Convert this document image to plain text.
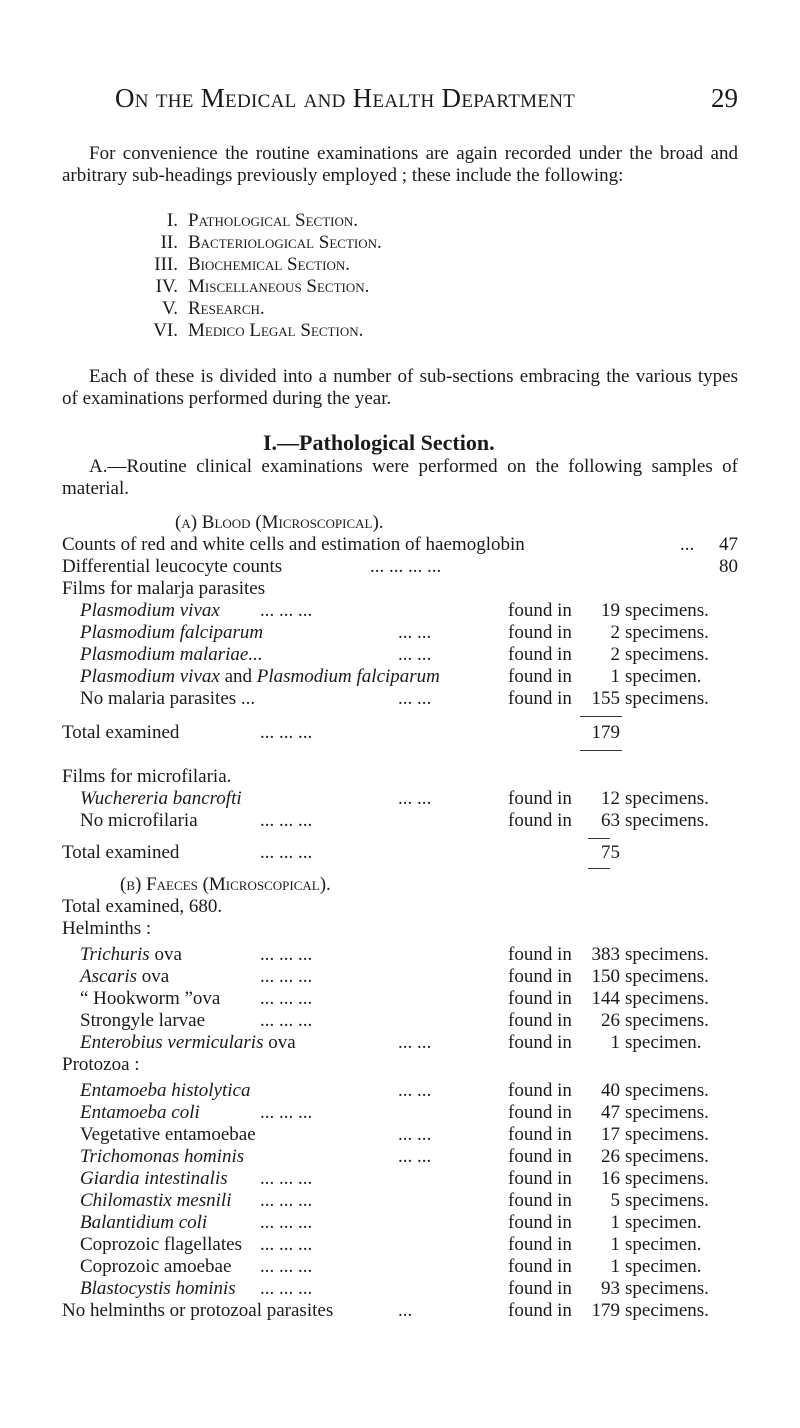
On the Medical and Health Department	29
For convenience the routine examinations are again recorded under the broad and arbitrary sub-headings previously employed ; these include the following:
I. Pathological Section.
II. Bacteriological Section.
III. Biochemical Section.
IV. Miscellaneous Section.
V. Research.
VI. Medico Legal Section.
Each of these is divided into a number of sub-sections embracing the various types of examinations performed during the year.
I.—Pathological Section.
A.—Routine clinical examinations were performed on the following samples of material.
(a) Blood (Microscopical).
Counts of red and white cells and estimation of haemoglobin	...	47
Differential leucocyte counts	... ... ... ...	80
Films for malarja parasites
Plasmodium vivax ... ... ...	found in	19 specimens.
Plasmodium falciparum	... ...	found in	2 specimens.
Plasmodium malariae...	... ...	found in	2 specimens.
Plasmodium vivax and Plasmodium falciparum	found in	1 specimen.
No malaria parasites ...	... ...	found in	155 specimens.
Total examined	... ... ...	179
Films for microfilaria.
Wuchereria bancrofti	... ...	found in	12 specimens.
No microfilaria	... ... ...	found in	63 specimens.
Total examined	... ... ...	75
(b) Faeces (Microscopical).
Total examined, 680.
Helminths :
Trichuris ova	... ... ...	found in	383 specimens.
Ascaris ova	... ... ...	found in	150 specimens.
“ Hookworm ”ova ... ... ...	found in	144 specimens.
Strongyle larvae	... ... ...	found in	26 specimens.
Enterobius vermicularis ova	... ...	found in	1 specimen.
Protozoa :
Entamoeba histolytica	... ...	found in	40 specimens.
Entamoeba coli	... ... ...	found in	47 specimens.
Vegetative entamoebae	... ...	found in	17 specimens.
Trichomonas hominis	... ...	found in	26 specimens.
Giardia intestinalis ... ... ...	found in	16 specimens.
Chilomastix mesnili ... ... ...	found in	5 specimens.
Balantidium coli	... ... ...	found in	1 specimen.
Coprozoic flagellates ... ... ...	found in	1 specimen.
Coprozoic amoebae ... ... ...	found in	1 specimen.
Blastocystis hominis ... ... ...	found in	93 specimens.
No helminths or protozoal parasites	...	found in	179 specimens.
